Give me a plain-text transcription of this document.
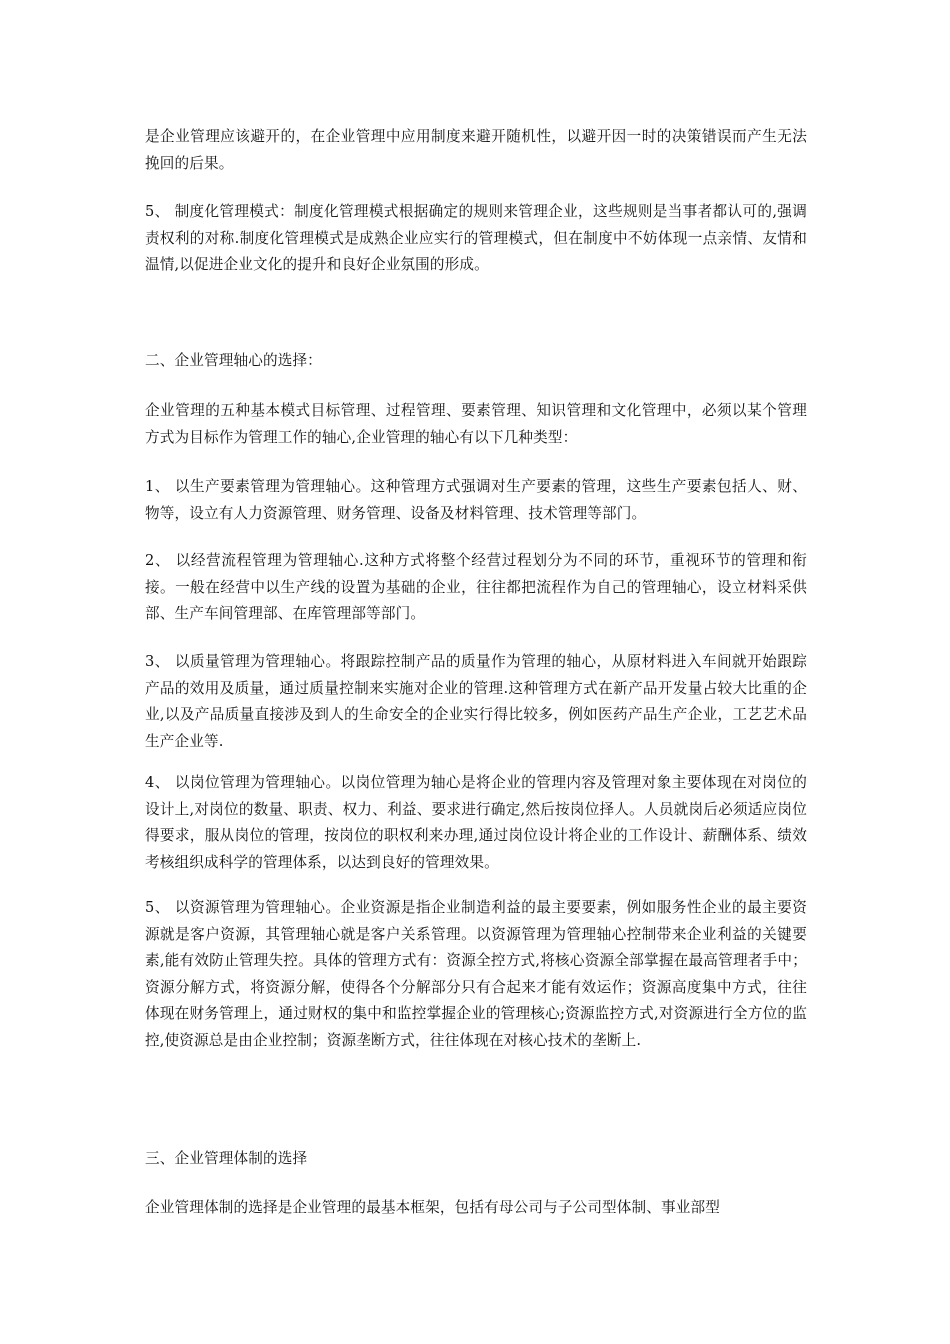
是企业管理应该避开的，在企业管理中应用制度来避开随机性，以避开因一时的决策错误而产生无法挽回的后果。

5、 制度化管理模式：制度化管理模式根据确定的规则来管理企业，这些规则是当事者都认可的,强调责权利的对称.制度化管理模式是成熟企业应实行的管理模式，但在制度中不妨体现一点亲情、友情和温情,以促进企业文化的提升和良好企业氛围的形成。

二、企业管理轴心的选择：

企业管理的五种基本模式目标管理、过程管理、要素管理、知识管理和文化管理中，必须以某个管理方式为目标作为管理工作的轴心,企业管理的轴心有以下几种类型：

1、 以生产要素管理为管理轴心。这种管理方式强调对生产要素的管理，这些生产要素包括人、财、物等，设立有人力资源管理、财务管理、设备及材料管理、技术管理等部门。

2、 以经营流程管理为管理轴心.这种方式将整个经营过程划分为不同的环节，重视环节的管理和衔接。一般在经营中以生产线的设置为基础的企业，往往都把流程作为自己的管理轴心，设立材料采供部、生产车间管理部、在库管理部等部门。

3、 以质量管理为管理轴心。将跟踪控制产品的质量作为管理的轴心，从原材料进入车间就开始跟踪产品的效用及质量，通过质量控制来实施对企业的管理.这种管理方式在新产品开发量占较大比重的企业,以及产品质量直接涉及到人的生命安全的企业实行得比较多，例如医药产品生产企业，工艺艺术品生产企业等.

4、 以岗位管理为管理轴心。以岗位管理为轴心是将企业的管理内容及管理对象主要体现在对岗位的设计上,对岗位的数量、职责、权力、利益、要求进行确定,然后按岗位择人。人员就岗后必须适应岗位得要求，服从岗位的管理，按岗位的职权利来办理,通过岗位设计将企业的工作设计、薪酬体系、绩效考核组织成科学的管理体系，以达到良好的管理效果。

5、 以资源管理为管理轴心。企业资源是指企业制造利益的最主要要素，例如服务性企业的最主要资源就是客户资源，其管理轴心就是客户关系管理。以资源管理为管理轴心控制带来企业利益的关键要素,能有效防止管理失控。具体的管理方式有：资源全控方式,将核心资源全部掌握在最高管理者手中；资源分解方式，将资源分解，使得各个分解部分只有合起来才能有效运作；资源高度集中方式，往往体现在财务管理上，通过财权的集中和监控掌握企业的管理核心;资源监控方式,对资源进行全方位的监控,使资源总是由企业控制；资源垄断方式，往往体现在对核心技术的垄断上.

三、企业管理体制的选择

企业管理体制的选择是企业管理的最基本框架，包括有母公司与子公司型体制、事业部型
